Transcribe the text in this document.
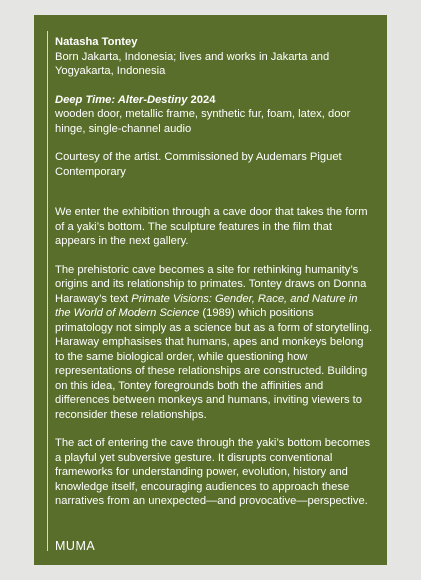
Natasha Tontey

Born Jakarta, Indonesia; lives and works in Jakarta and Yogyakarta, Indonesia

Deep Time: Alter-Destiny 2024

wooden door, metallic frame, synthetic fur, foam, latex, door hinge, single-channel audio

Courtesy of the artist. Commissioned by Audemars Piguet Contemporary

We enter the exhibition through a cave door that takes the form of a yaki’s bottom. The sculpture features in the film that appears in the next gallery.

The prehistoric cave becomes a site for rethinking humanity’s origins and its relationship to primates. Tontey draws on Donna Haraway’s text Primate Visions: Gender, Race, and Nature in the World of Modern Science (1989) which positions primatology not simply as a science but as a form of storytelling. Haraway emphasises that humans, apes and monkeys belong to the same biological order, while questioning how representations of these relationships are constructed. Building on this idea, Tontey foregrounds both the affinities and differences between monkeys and humans, inviting viewers to reconsider these relationships.

The act of entering the cave through the yaki’s bottom becomes a playful yet subversive gesture. It disrupts conventional frameworks for understanding power, evolution, history and knowledge itself, encouraging audiences to approach these narratives from an unexpected—and provocative—perspective.

MUMA
